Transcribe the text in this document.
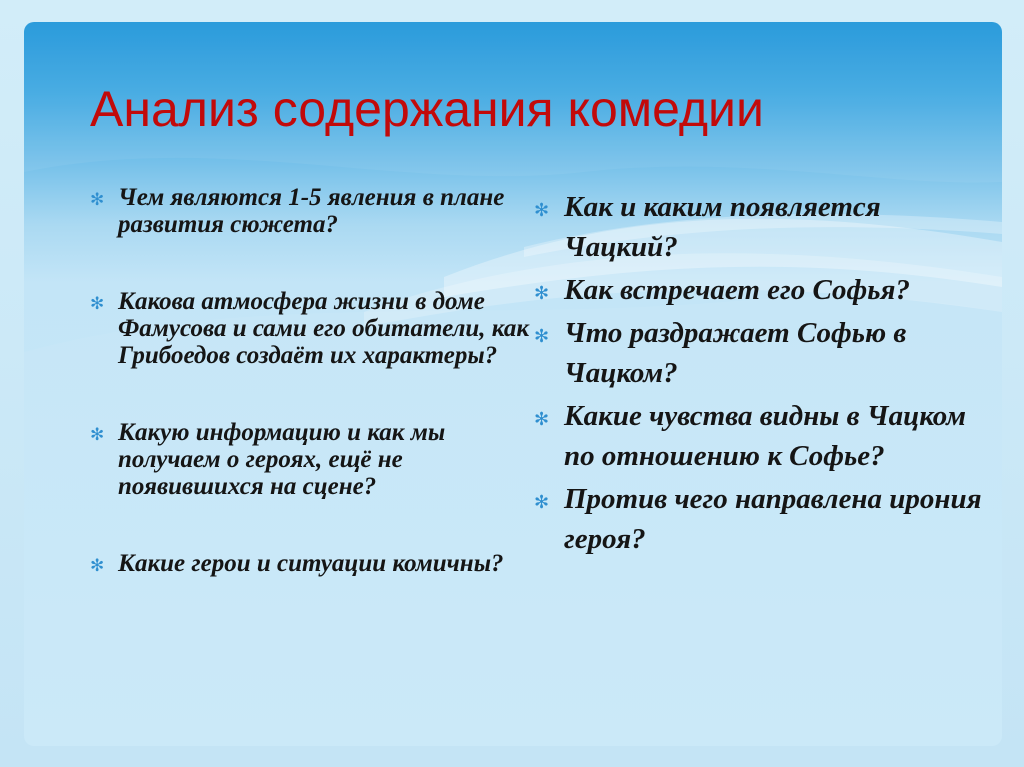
Анализ содержания комедии
✻ Чем являются 1-5 явления в плане развития сюжета?
✻ Какова атмосфера жизни в доме Фамусова и сами его обитатели, как Грибоедов создаёт их характеры?
✻ Какую информацию и как мы получаем о героях, ещё не появившихся на сцене?
✻ Какие герои и ситуации комичны?
✻ Как и каким появляется Чацкий?
✻ Как встречает его Софья?
✻ Что раздражает Софью в Чацком?
✻ Какие чувства видны в Чацком по отношению к Софье?
✻ Против чего направлена ирония героя?
